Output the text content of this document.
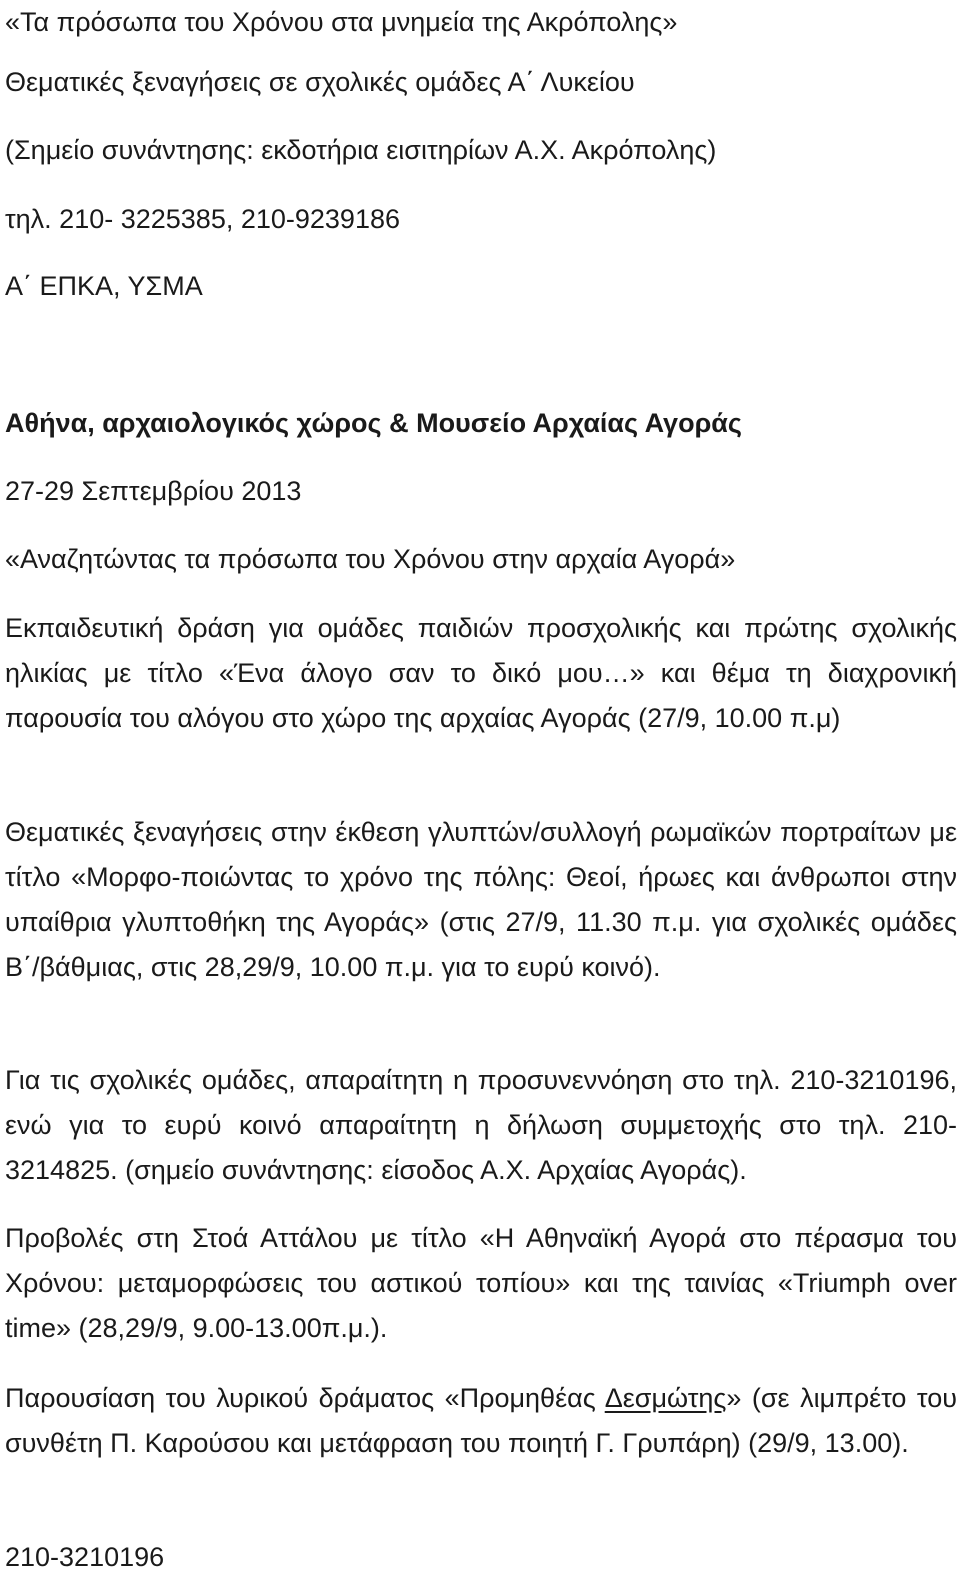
«Τα πρόσωπα του Χρόνου στα μνημεία της Ακρόπολης»
Θεματικές ξεναγήσεις σε σχολικές ομάδες Α΄ Λυκείου
(Σημείο συνάντησης: εκδοτήρια εισιτηρίων Α.Χ. Ακρόπολης)
τηλ. 210- 3225385, 210-9239186
Α΄ ΕΠΚΑ, ΥΣΜΑ
Αθήνα, αρχαιολογικός χώρος & Μουσείο Αρχαίας Αγοράς
27-29 Σεπτεμβρίου 2013
«Αναζητώντας τα πρόσωπα του Χρόνου στην αρχαία Αγορά»
Εκπαιδευτική δράση για ομάδες παιδιών προσχολικής και πρώτης σχολικής ηλικίας με τίτλο «Ένα άλογο σαν το δικό μου…» και θέμα τη διαχρονική παρουσία του αλόγου στο χώρο της αρχαίας Αγοράς (27/9, 10.00 π.μ)
Θεματικές ξεναγήσεις στην έκθεση γλυπτών/συλλογή ρωμαϊκών πορτραίτων με τίτλο «Μορφο-ποιώντας το χρόνο της πόλης: Θεοί, ήρωες και άνθρωποι στην υπαίθρια γλυπτοθήκη της Αγοράς» (στις 27/9, 11.30 π.μ. για σχολικές ομάδες Β΄/βάθμιας, στις 28,29/9, 10.00 π.μ. για το ευρύ κοινό).
Για τις σχολικές ομάδες, απαραίτητη η προσυνεννόηση στο τηλ. 210-3210196, ενώ για το ευρύ κοινό απαραίτητη η δήλωση συμμετοχής στο τηλ. 210-3214825. (σημείο συνάντησης: είσοδος Α.Χ. Αρχαίας Αγοράς).
Προβολές στη Στοά Αττάλου με τίτλο «Η Αθηναϊκή Αγορά στο πέρασμα του Χρόνου: μεταμορφώσεις του αστικού τοπίου» και της ταινίας «Triumph over time» (28,29/9, 9.00-13.00π.μ.).
Παρουσίαση του λυρικού δράματος «Προμηθέας Δεσμώτης» (σε λιμπρέτο του συνθέτη Π. Καρούσου και μετάφραση του ποιητή Γ. Γρυπάρη) (29/9, 13.00).
210-3210196
